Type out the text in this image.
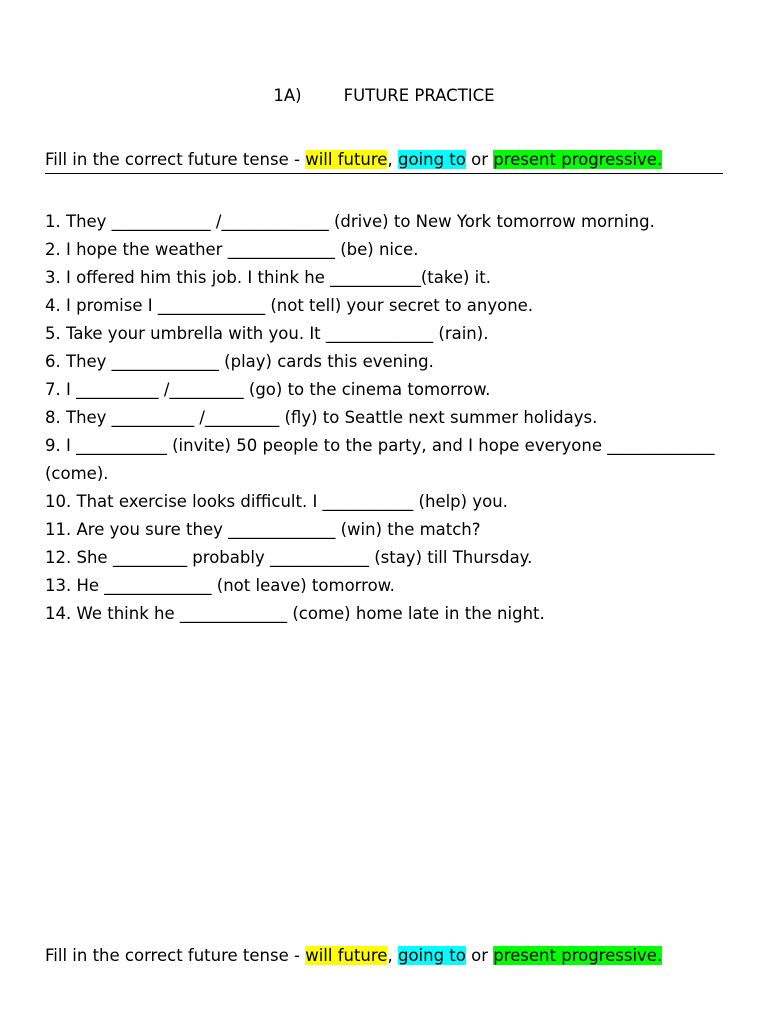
1A)        FUTURE PRACTICE
Fill in the correct future tense - will future, going to or present progressive.
1. They ____________ /_____________ (drive) to New York tomorrow morning.
2. I hope the weather _____________ (be) nice.
3. I offered him this job. I think he ___________(take) it.
4. I promise I _____________ (not tell) your secret to anyone.
5. Take your umbrella with you. It _____________ (rain).
6. They _____________ (play) cards this evening.
7. I __________ /_________ (go) to the cinema tomorrow.
8. They __________ /_________ (fly) to Seattle next summer holidays.
9. I ___________ (invite) 50 people to the party, and I hope everyone _____________ (come).
10. That exercise looks difficult. I ___________ (help) you.
11. Are you sure they _____________ (win) the match?
12. She _________ probably ____________ (stay) till Thursday.
13. He _____________ (not leave) tomorrow.
14. We think he _____________ (come) home late in the night.
Fill in the correct future tense - will future, going to or present progressive.
